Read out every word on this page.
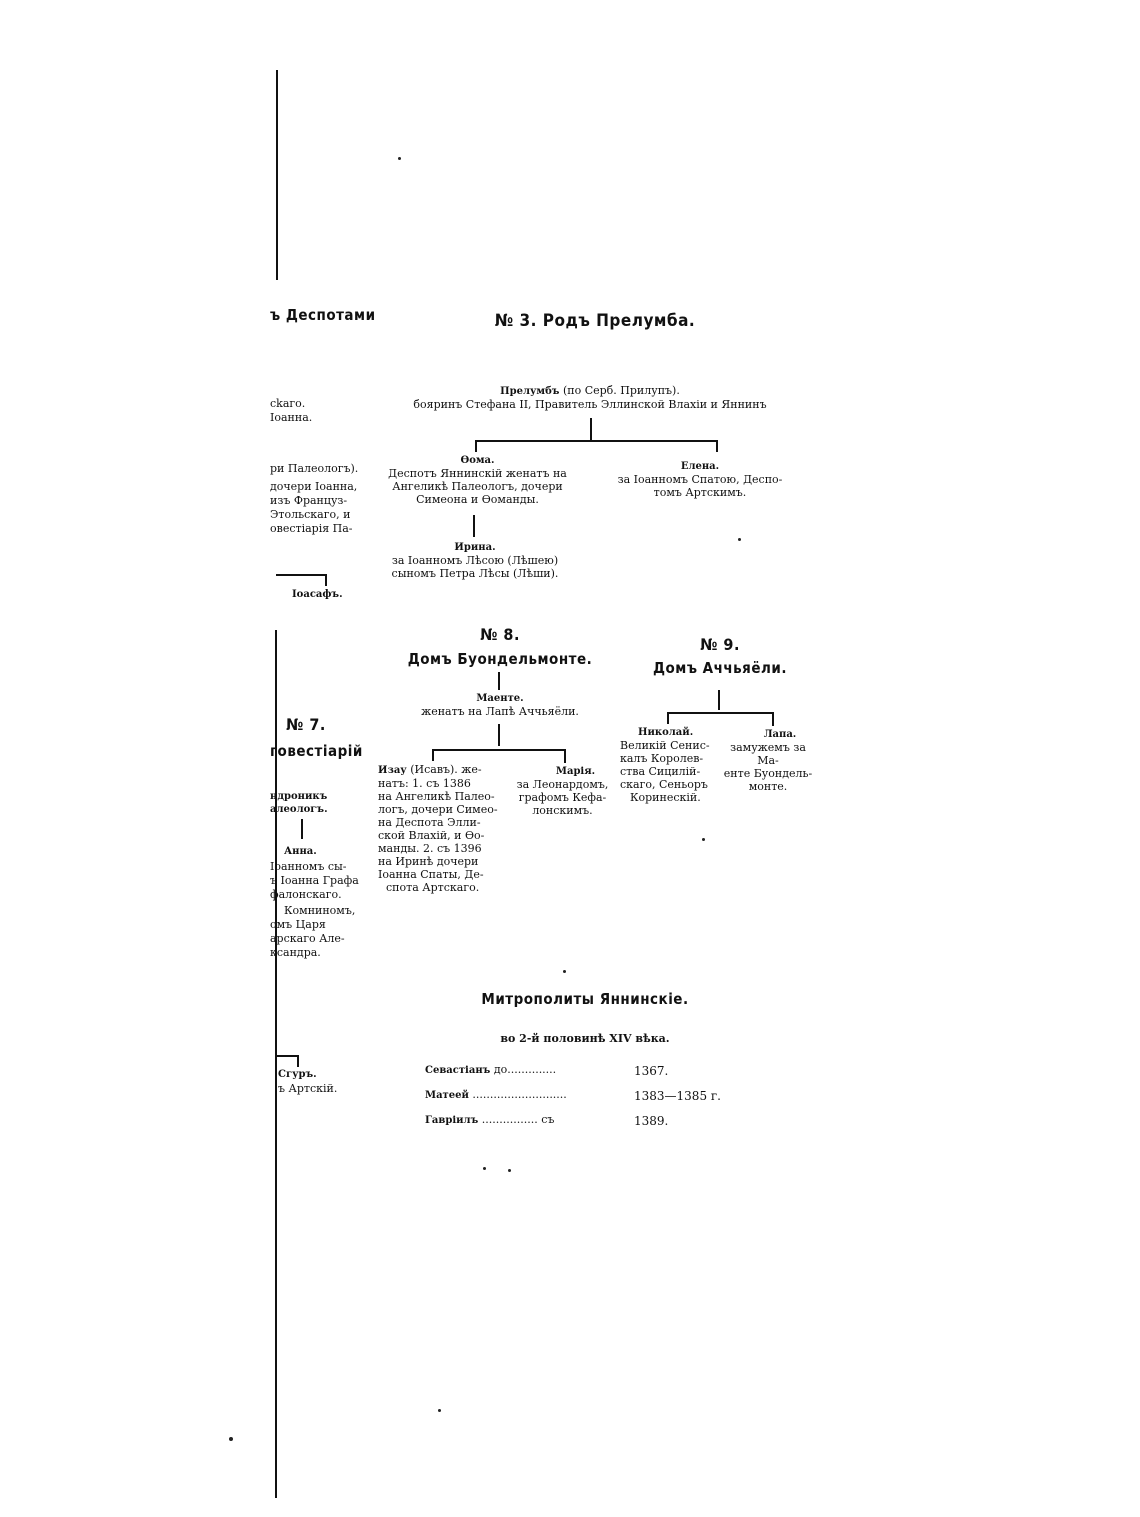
ъ Деспотами
сkaго.
Іоанна.
ри Палеологъ).
дочери Іоанна,
изъ Француз-
Этольскаго, и
овестіарія Па-
Іоасафъ.
№ 7.
говестіарій
ндроникъ
алеологъ.
Анна.
Іоанномъ сы-
ъ Іоанна Графа
фалонскаго.
Комниномъ,
омъ Царя
арскаго Але-
ксандра.
Сгуръ.
ъ Артскій.
№ 3. Родъ Прелумба.
Прелумбъ (по Серб. Прилупъ).
бояринъ Стефана II, Правитель Эллинской Влахіи и Яннинъ
Ѳома.
Деспотъ Яннинскій женатъ на
Ангеликѣ Палеологъ, дочери
Симеона и Ѳоманды.
Елена.
за Іоанномъ Спатою, Деспо-
томъ Артскимъ.
Ирина.
за Іоанномъ Лѣсою (Лѣшею)
сыномъ Петра Лѣсы (Лѣши).
№ 8.
Домъ Буондельмонте.
Маенте.
женатъ на Лапѣ Аччьяёли.
Изау (Исавъ). же-
натъ: 1. съ 1386
на Ангеликѣ Палео-
логъ, дочери Симео-
на Деспота Элли-
ской Влахій, и Ѳо-
манды. 2. съ 1396
на Иринѣ дочери
Іоанна Спаты, Де-
спота Артскаго.
Марія.
за Леонардомъ,
графомъ Кефа-
лонскимъ.
№ 9.
Домъ Аччьяёли.
Николай.
Великій Сенис-
калъ Королев-
ства Сицилій-
скаго, Сеньоръ
Коринескій.
Лапа.
замужемъ за Ма-
енте Буондель-
монте.
Митрополиты Яннинскіе.
во 2-й половинѣ XIV вѣка.
Севастіанъ до..............	1367.
Матеей ...........................	1383—1385 г.
Гавріилъ ................ съ	1389.
